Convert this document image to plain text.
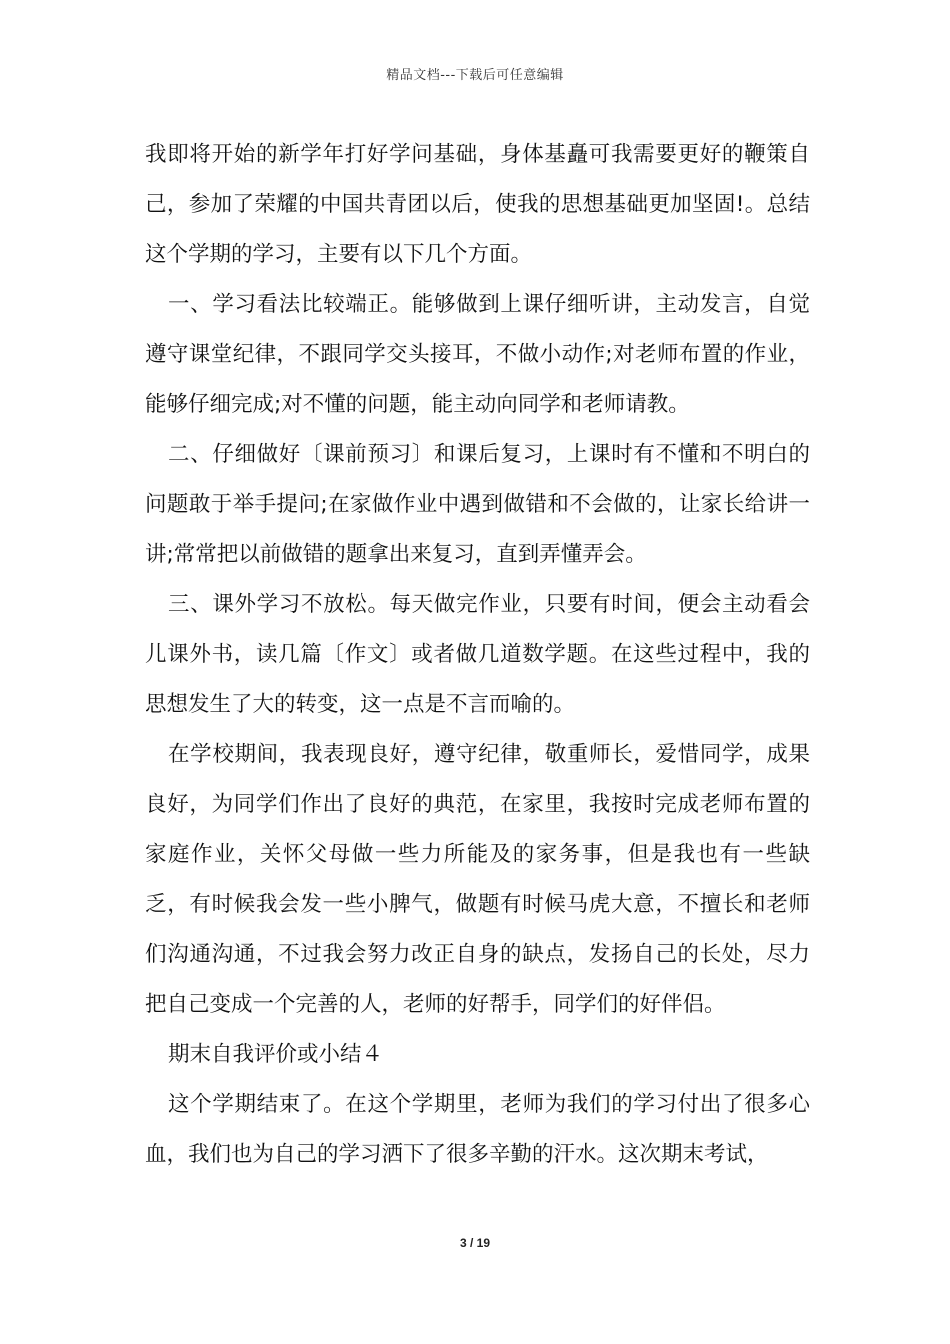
精品文档---下载后可任意编辑

我即将开始的新学年打好学问基础，身体基矗可我需要更好的鞭策自己，参加了荣耀的中国共青团以后，使我的思想基础更加坚固!。总结这个学期的学习，主要有以下几个方面。

一、学习看法比较端正。能够做到上课仔细听讲，主动发言，自觉遵守课堂纪律，不跟同学交头接耳，不做小动作;对老师布置的作业，能够仔细完成;对不懂的问题，能主动向同学和老师请教。

二、仔细做好〔课前预习〕和课后复习，上课时有不懂和不明白的问题敢于举手提问;在家做作业中遇到做错和不会做的，让家长给讲一讲;常常把以前做错的题拿出来复习，直到弄懂弄会。

三、课外学习不放松。每天做完作业，只要有时间，便会主动看会儿课外书，读几篇〔作文〕或者做几道数学题。在这些过程中，我的思想发生了大的转变，这一点是不言而喻的。

在学校期间，我表现良好，遵守纪律，敬重师长，爱惜同学，成果良好，为同学们作出了良好的典范，在家里，我按时完成老师布置的家庭作业，关怀父母做一些力所能及的家务事，但是我也有一些缺乏，有时候我会发一些小脾气，做题有时候马虎大意，不擅长和老师们沟通沟通，不过我会努力改正自身的缺点，发扬自己的长处，尽力把自己变成一个完善的人，老师的好帮手，同学们的好伴侣。

期末自我评价或小结４

这个学期结束了。在这个学期里，老师为我们的学习付出了很多心血，我们也为自己的学习洒下了很多辛勤的汗水。这次期末考试，

3 / 19
